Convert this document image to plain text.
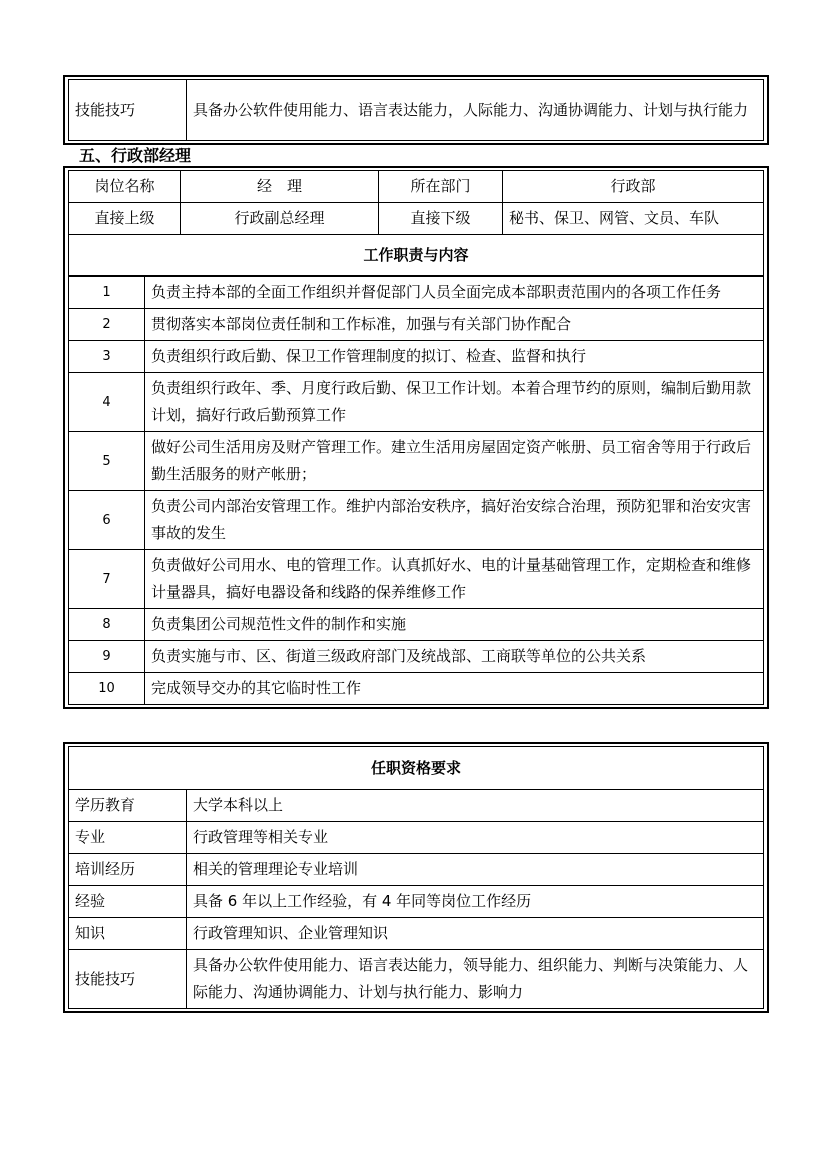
技能技巧	具备办公软件使用能力、语言表达能力，人际能力、沟通协调能力、计划与执行能力
五、行政部经理
岗位名称	经　理	所在部门	行政部
直接上级	行政副总经理	直接下级	秘书、保卫、网管、文员、车队
工作职责与内容			
1	负责主持本部的全面工作组织并督促部门人员全面完成本部职责范围内的各项工作任务
2	贯彻落实本部岗位责任制和工作标准，加强与有关部门协作配合
3	负责组织行政后勤、保卫工作管理制度的拟订、检查、监督和执行
4	负责组织行政年、季、月度行政后勤、保卫工作计划。本着合理节约的原则，编制后勤用款计划，搞好行政后勤预算工作
5	做好公司生活用房及财产管理工作。建立生活用房屋固定资产帐册、员工宿舍等用于行政后勤生活服务的财产帐册；
6	负责公司内部治安管理工作。维护内部治安秩序，搞好治安综合治理，预防犯罪和治安灾害事故的发生
7	负责做好公司用水、电的管理工作。认真抓好水、电的计量基础管理工作，定期检查和维修计量器具，搞好电器设备和线路的保养维修工作
8	负责集团公司规范性文件的制作和实施
9	负责实施与市、区、街道三级政府部门及统战部、工商联等单位的公共关系
10	完成领导交办的其它临时性工作
任职资格要求	
学历教育	大学本科以上
专业	行政管理等相关专业
培训经历	相关的管理理论专业培训
经验	具备 6 年以上工作经验，有 4 年同等岗位工作经历
知识	行政管理知识、企业管理知识
技能技巧	具备办公软件使用能力、语言表达能力，领导能力、组织能力、判断与决策能力、人际能力、沟通协调能力、计划与执行能力、影响力
